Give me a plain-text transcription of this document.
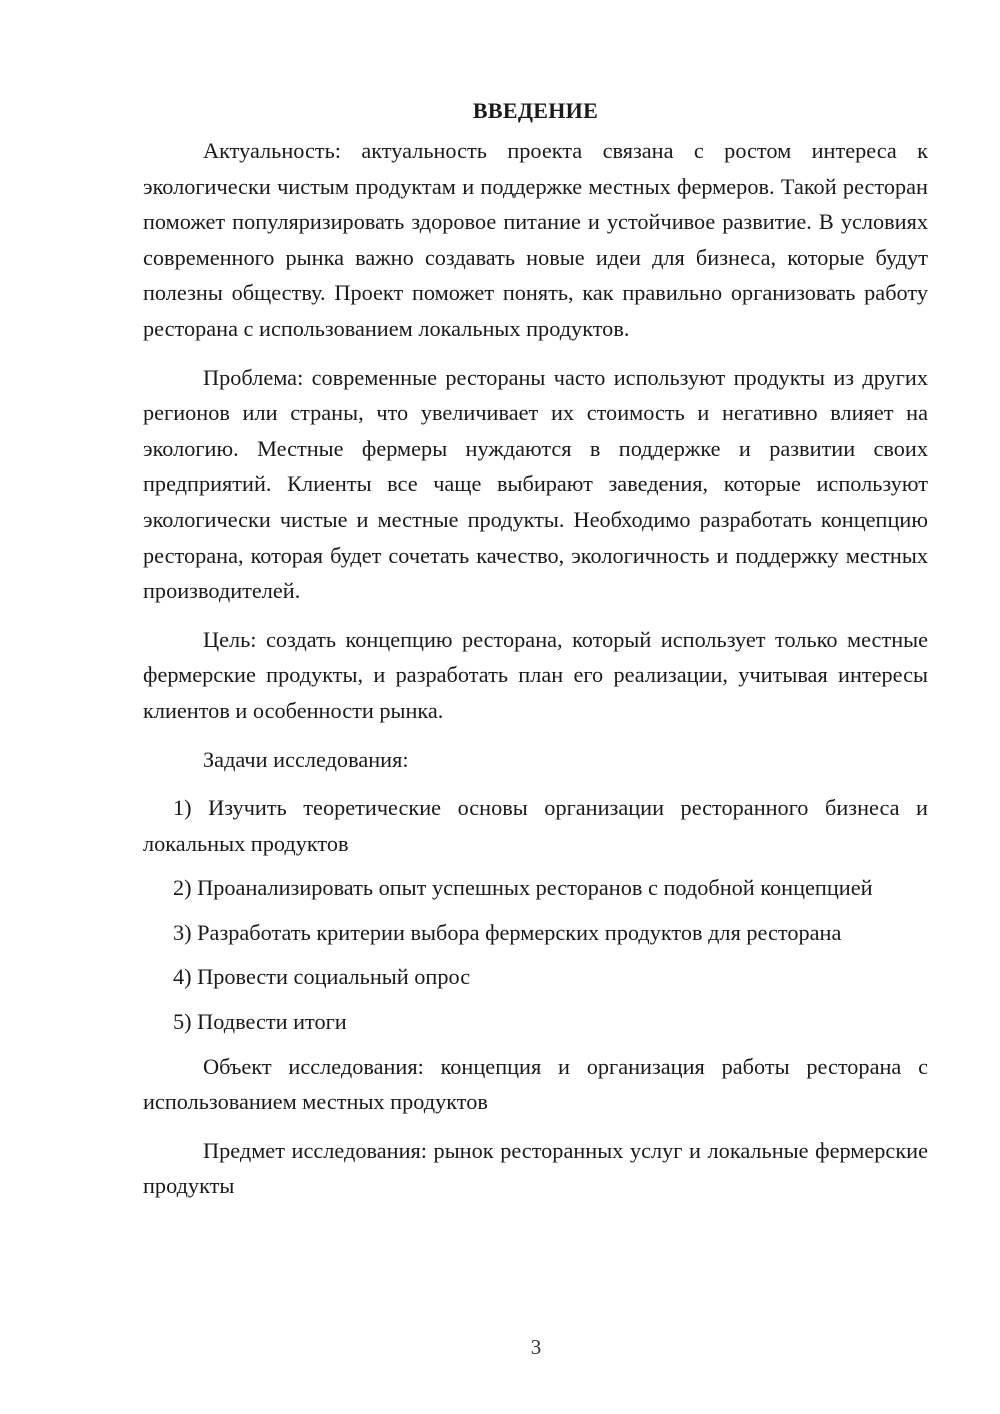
ВВЕДЕНИЕ

Актуальность: актуальность проекта связана с ростом интереса к экологически чистым продуктам и поддержке местных фермеров. Такой ресторан поможет популяризировать здоровое питание и устойчивое развитие. В условиях современного рынка важно создавать новые идеи для бизнеса, которые будут полезны обществу. Проект поможет понять, как правильно организовать работу ресторана с использованием локальных продуктов.

Проблема: современные рестораны часто используют продукты из других регионов или страны, что увеличивает их стоимость и негативно влияет на экологию. Местные фермеры нуждаются в поддержке и развитии своих предприятий. Клиенты все чаще выбирают заведения, которые используют экологически чистые и местные продукты. Необходимо разработать концепцию ресторана, которая будет сочетать качество, экологичность и поддержку местных производителей.

Цель: создать концепцию ресторана, который использует только местные фермерские продукты, и разработать план его реализации, учитывая интересы клиентов и особенности рынка.

Задачи исследования:

1) Изучить теоретические основы организации ресторанного бизнеса и локальных продуктов

2) Проанализировать опыт успешных ресторанов с подобной концепцией

3) Разработать критерии выбора фермерских продуктов для ресторана

4) Провести социальный опрос

5) Подвести итоги

Объект исследования: концепция и организация работы ресторана с использованием местных продуктов

Предмет исследования: рынок ресторанных услуг и локальные фермерские продукты

3
